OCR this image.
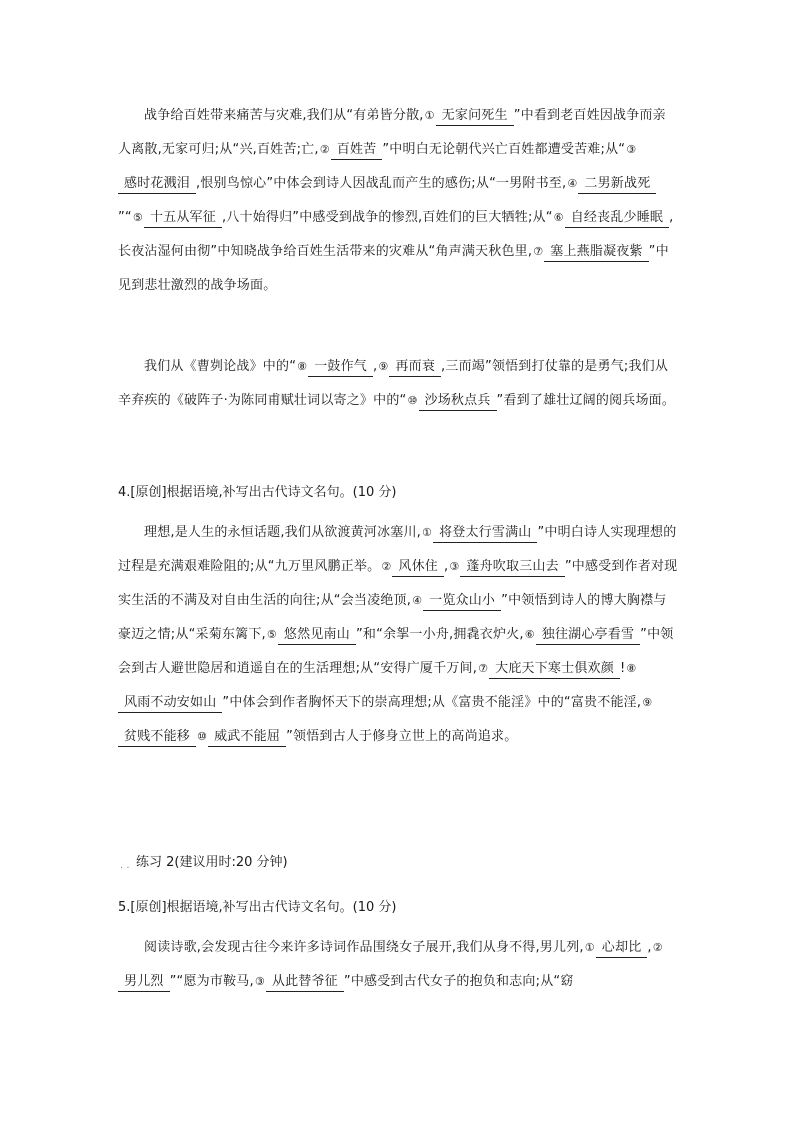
战争给百姓带来痛苦与灾难,我们从“有弟皆分散,① 无家问死生 ”中看到老百姓因战争而亲人离散,无家可归;从“兴,百姓苦;亡,② 百姓苦 ”中明白无论朝代兴亡百姓都遭受苦难;从“③感时花溅泪 ,恨别鸟惊心”中体会到诗人因战乱而产生的感伤;从“一男附书至,④ 二男新战死”“⑤ 十五从军征 ,八十始得归”中感受到战争的惨烈,百姓们的巨大牺牲;从“⑥ 自经丧乱少睡眠 ,长夜沾湿何由彻”中知晓战争给百姓生活带来的灾难从“角声满天秋色里,⑦ 塞上燕脂凝夜紫 ”中见到悲壮激烈的战争场面。

我们从《曹刿论战》中的“⑧ 一鼓作气 ,⑨ 再而衰 ,三而竭”领悟到打仗靠的是勇气;我们从辛弃疾的《破阵子·为陈同甫赋壮词以寄之》中的“⑩ 沙场秋点兵 ”看到了雄壮辽阔的阅兵场面。

4.[原创]根据语境,补写出古代诗文名句。(10 分)

理想,是人生的永恒话题,我们从欲渡黄河冰塞川,① 将登太行雪满山 ”中明白诗人实现理想的过程是充满艰难险阻的;从“九万里风鹏正举。② 风休住 ,③ 蓬舟吹取三山去 ”中感受到作者对现实生活的不满及对自由生活的向往;从“会当凌绝顶,④ 一览众山小 ”中领悟到诗人的博大胸襟与豪迈之情;从“采菊东篱下,⑤ 悠然见南山 ”和“余挐一小舟,拥毳衣炉火,⑥ 独往湖心亭看雪 ”中领会到古人避世隐居和逍遥自在的生活理想;从“安得广厦千万间,⑦ 大庇天下寒士俱欢颜 !⑧风雨不动安如山 ”中体会到作者胸怀天下的崇高理想;从《富贵不能淫》中的“富贵不能淫,⑨贫贱不能移 ⑩ 威武不能屈 ”领悟到古人于修身立世上的高尚追求。

. . 练习 2(建议用时:20 分钟)

5.[原创]根据语境,补写出古代诗文名句。(10 分)

阅读诗歌,会发现古往今来许多诗词作品围绕女子展开,我们从身不得,男儿列,① 心却比 ,②男儿烈 ”“愿为市鞍马,③ 从此替爷征 ”中感受到古代女子的抱负和志向;从“窈
